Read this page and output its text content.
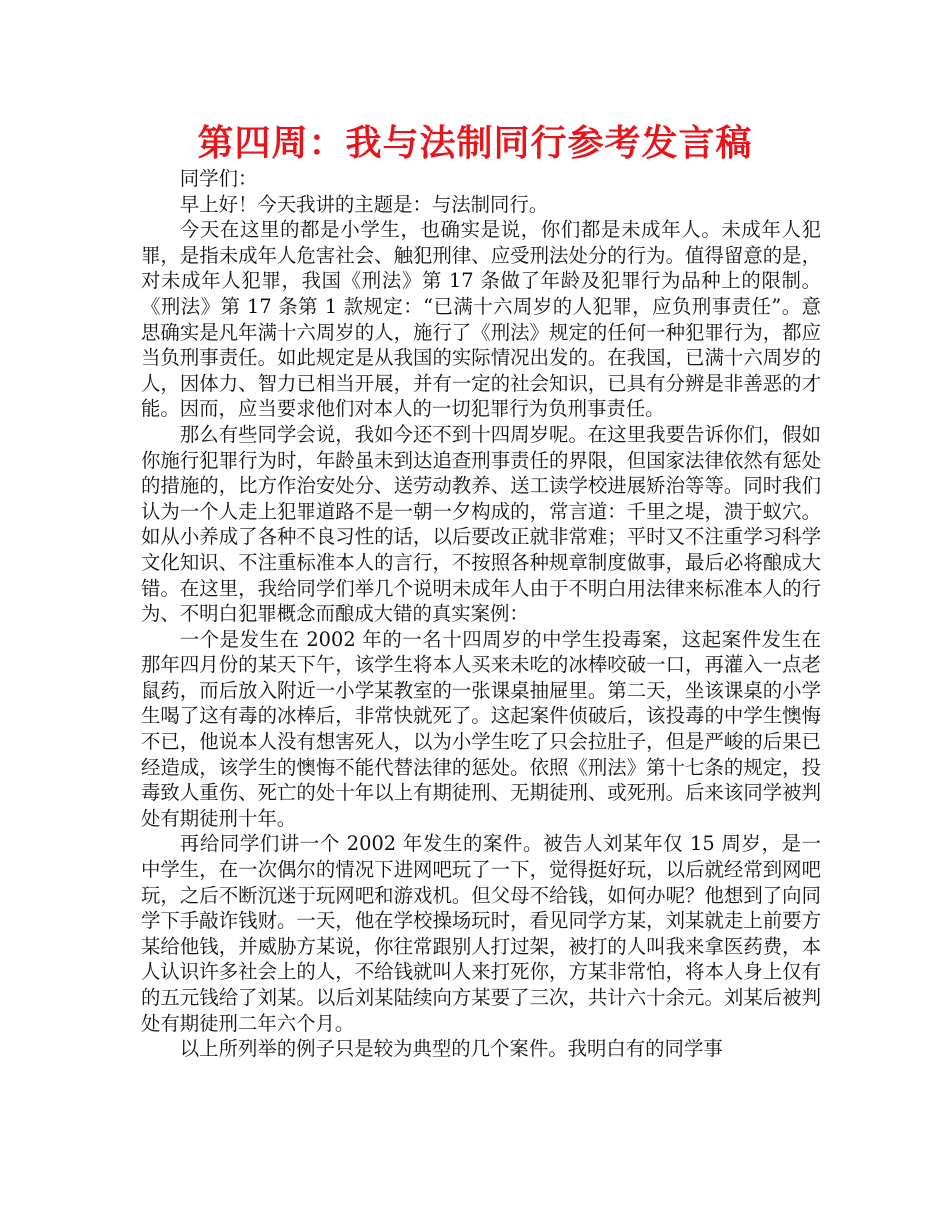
第四周：我与法制同行参考发言稿

同学们：

早上好！今天我讲的主题是：与法制同行。

今天在这里的都是小学生，也确实是说，你们都是未成年人。未成年人犯罪，是指未成年人危害社会、触犯刑律、应受刑法处分的行为。值得留意的是，对未成年人犯罪，我国《刑法》第 17 条做了年龄及犯罪行为品种上的限制。《刑法》第 17 条第 1 款规定：“已满十六周岁的人犯罪，应负刑事责任”。意思确实是凡年满十六周岁的人，施行了《刑法》规定的任何一种犯罪行为，都应当负刑事责任。如此规定是从我国的实际情况出发的。在我国，已满十六周岁的人，因体力、智力已相当开展，并有一定的社会知识，已具有分辨是非善恶的才能。因而，应当要求他们对本人的一切犯罪行为负刑事责任。

那么有些同学会说，我如今还不到十四周岁呢。在这里我要告诉你们，假如你施行犯罪行为时，年龄虽未到达追查刑事责任的界限，但国家法律依然有惩处的措施的，比方作治安处分、送劳动教养、送工读学校进展矫治等等。同时我们认为一个人走上犯罪道路不是一朝一夕构成的，常言道：千里之堤，溃于蚁穴。如从小养成了各种不良习性的话，以后要改正就非常难；平时又不注重学习科学文化知识、不注重标准本人的言行，不按照各种规章制度做事，最后必将酿成大错。在这里，我给同学们举几个说明未成年人由于不明白用法律来标准本人的行为、不明白犯罪概念而酿成大错的真实案例：

一个是发生在 2002 年的一名十四周岁的中学生投毒案，这起案件发生在那年四月份的某天下午，该学生将本人买来未吃的冰棒咬破一口，再灌入一点老鼠药，而后放入附近一小学某教室的一张课桌抽屉里。第二天，坐该课桌的小学生喝了这有毒的冰棒后，非常快就死了。这起案件侦破后，该投毒的中学生懊悔不已，他说本人没有想害死人，以为小学生吃了只会拉肚子，但是严峻的后果已经造成，该学生的懊悔不能代替法律的惩处。依照《刑法》第十七条的规定，投毒致人重伤、死亡的处十年以上有期徒刑、无期徒刑、或死刑。后来该同学被判处有期徒刑十年。

再给同学们讲一个 2002 年发生的案件。被告人刘某年仅 15 周岁，是一中学生，在一次偶尔的情况下进网吧玩了一下，觉得挺好玩，以后就经常到网吧玩，之后不断沉迷于玩网吧和游戏机。但父母不给钱，如何办呢？他想到了向同学下手敲诈钱财。一天，他在学校操场玩时，看见同学方某，刘某就走上前要方某给他钱，并威胁方某说，你往常跟别人打过架，被打的人叫我来拿医药费，本人认识许多社会上的人，不给钱就叫人来打死你，方某非常怕，将本人身上仅有的五元钱给了刘某。以后刘某陆续向方某要了三次，共计六十余元。刘某后被判处有期徒刑二年六个月。

以上所列举的例子只是较为典型的几个案件。我明白有的同学事
